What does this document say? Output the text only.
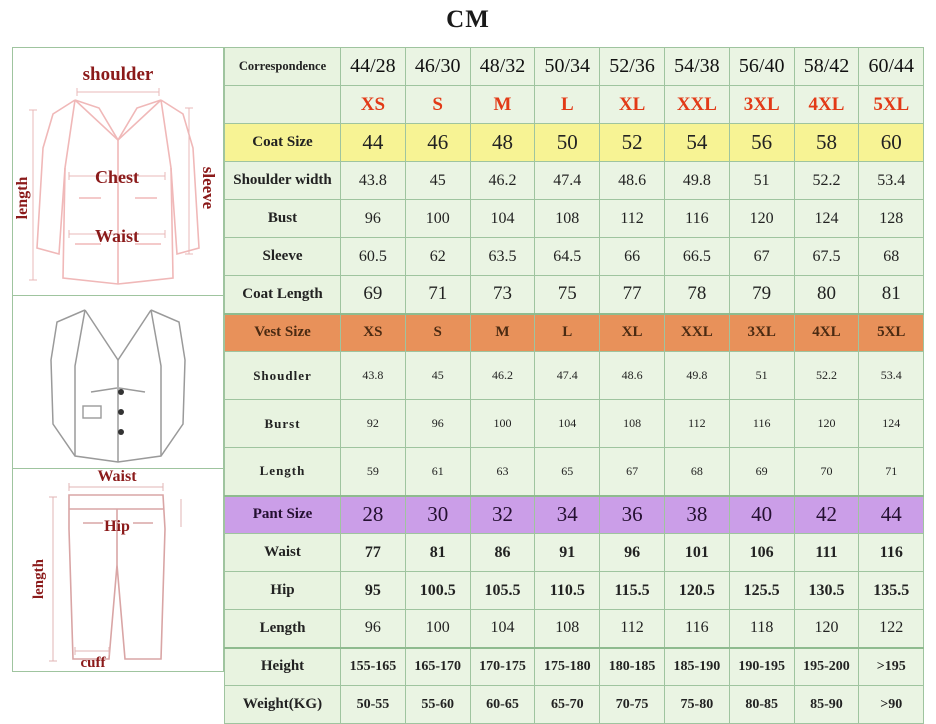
CM
shoulder
sleeve
length	Chest
Waist
Waist
Hip
length
cuff
Correspondence	44/28	46/30	48/32	50/34	52/36	54/38	56/40	58/42	60/44
	XS	S	M	L	XL	XXL	3XL	4XL	5XL
Coat Size	44	46	48	50	52	54	56	58	60
Shoulder width	43.8	45	46.2	47.4	48.6	49.8	51	52.2	53.4
Bust	96	100	104	108	112	116	120	124	128
Sleeve	60.5	62	63.5	64.5	66	66.5	67	67.5	68
Coat Length	69	71	73	75	77	78	79	80	81
Vest Size	XS	S	M	L	XL	XXL	3XL	4XL	5XL
Shoudler	43.8	45	46.2	47.4	48.6	49.8	51	52.2	53.4
Burst	92	96	100	104	108	112	116	120	124
Length	59	61	63	65	67	68	69	70	71
Pant Size	28	30	32	34	36	38	40	42	44
Waist	77	81	86	91	96	101	106	111	116
Hip	95	100.5	105.5	110.5	115.5	120.5	125.5	130.5	135.5
Length	96	100	104	108	112	116	118	120	122
Height	155-165	165-170	170-175	175-180	180-185	185-190	190-195	195-200	>195
Weight(KG)	50-55	55-60	60-65	65-70	70-75	75-80	80-85	85-90	>90
